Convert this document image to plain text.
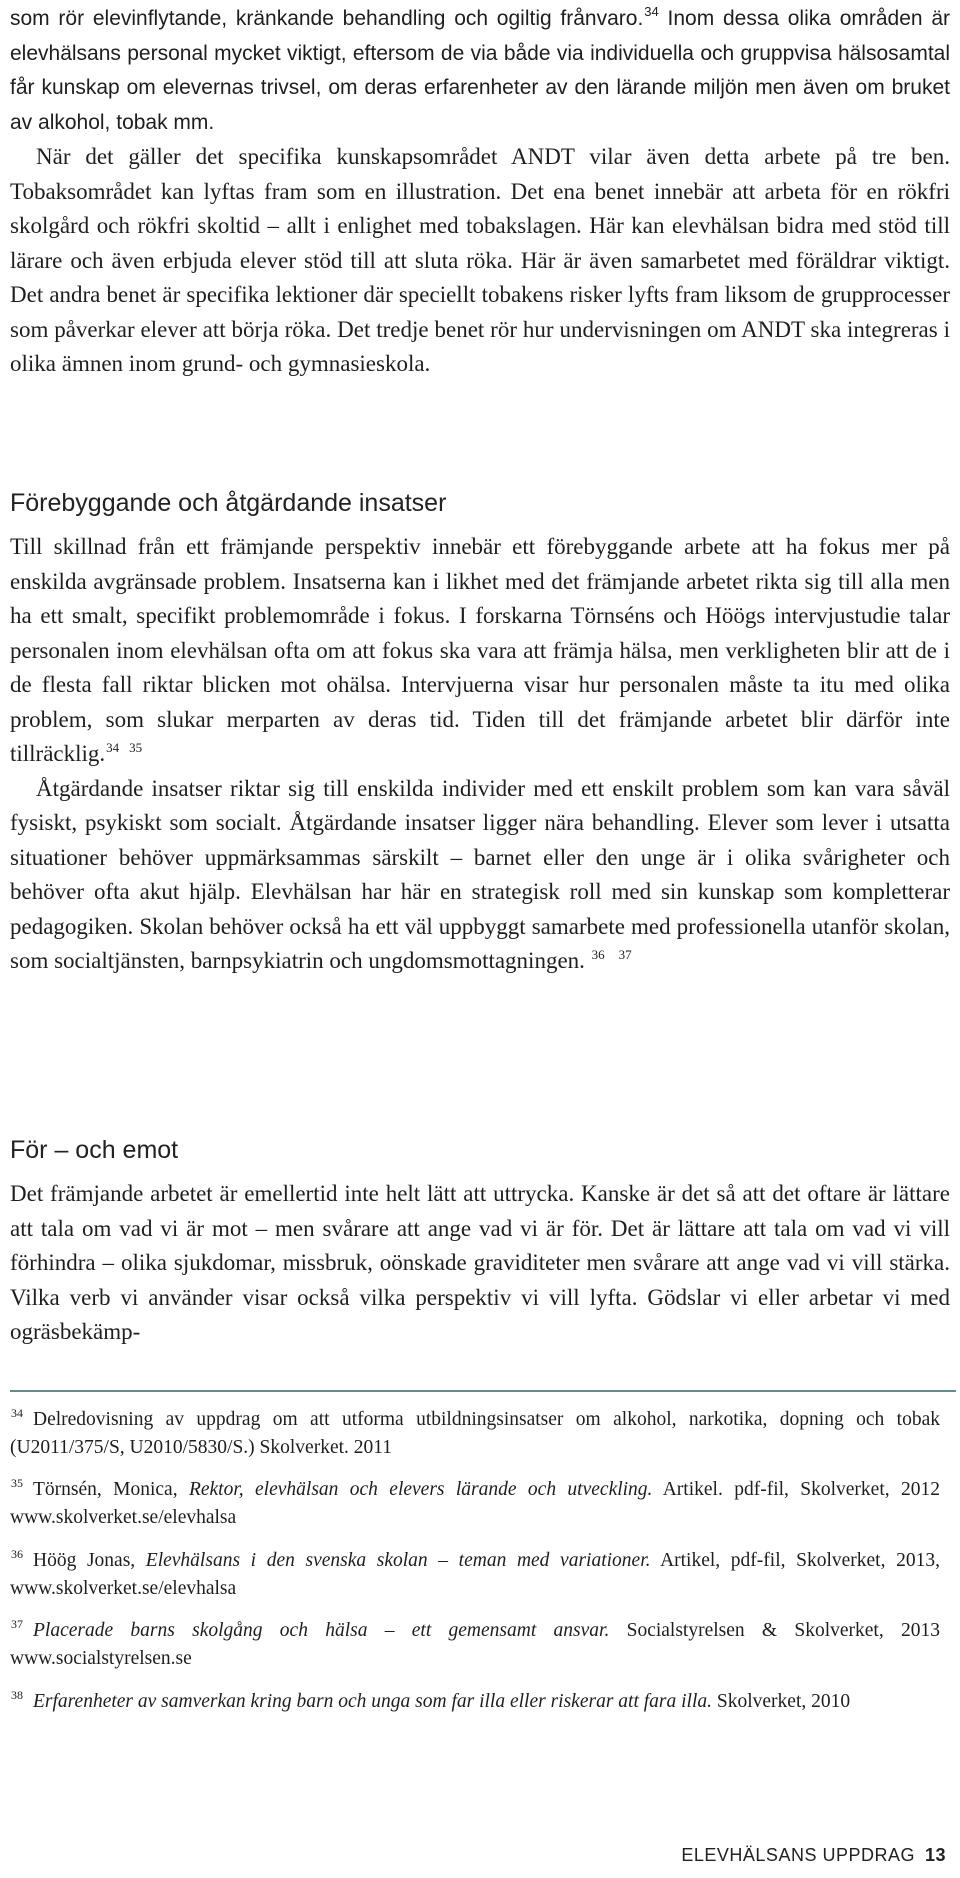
som rör elevinflytande, kränkande behandling och ogiltig frånvaro.$^{34}$ Inom dessa olika områden är elevhälsans personal mycket viktigt, eftersom de via både via individuella och gruppvisa hälsosamtal får kunskap om elevernas trivsel, om deras erfarenheter av den lärande miljön men även om bruket av alkohol, tobak mm.

När det gäller det specifika kunskapsområdet ANDT vilar även detta arbete på tre ben. Tobaksområdet kan lyftas fram som en illustration. Det ena benet innebär att arbeta för en rökfri skolgård och rökfri skoltid – allt i enlighet med tobakslagen. Här kan elevhälsan bidra med stöd till lärare och även erbjuda elever stöd till att sluta röka. Här är även samarbetet med föräldrar viktigt. Det andra benet är specifika lektioner där speciellt tobakens risker lyfts fram liksom de grupprocesser som påverkar elever att börja röka. Det tredje benet rör hur undervisningen om ANDT ska integreras i olika ämnen inom grund- och gymnasieskola.

Förebyggande och åtgärdande insatser

Till skillnad från ett främjande perspektiv innebär ett förebyggande arbete att ha fokus mer på enskilda avgränsade problem. Insatserna kan i likhet med det främjande arbetet rikta sig till alla men ha ett smalt, specifikt problemområde i fokus. I forskarna Törnséns och Höögs intervjustudie talar personalen inom elevhälsan ofta om att fokus ska vara att främja hälsa, men verkligheten blir att de i de flesta fall riktar blicken mot ohälsa. Intervjuerna visar hur personalen måste ta itu med olika problem, som slukar merparten av deras tid. Tiden till det främjande arbetet blir därför inte tillräcklig.$^{34}$ $^{35}$

Åtgärdande insatser riktar sig till enskilda individer med ett enskilt problem som kan vara såväl fysiskt, psykiskt som socialt. Åtgärdande insatser ligger nära behandling. Elever som lever i utsatta situationer behöver uppmärksammas särskilt – barnet eller den unge är i olika svårigheter och behöver ofta akut hjälp. Elevhälsan har här en strategisk roll med sin kunskap som kompletterar pedagogiken. Skolan behöver också ha ett väl uppbyggt samarbete med professionella utanför skolan, som socialtjänsten, barnpsykiatrin och ungdomsmottagningen. $^{36}$ $^{37}$

För – och emot

Det främjande arbetet är emellertid inte helt lätt att uttrycka. Kanske är det så att det oftare är lättare att tala om vad vi är mot – men svårare att ange vad vi är för. Det är lättare att tala om vad vi vill förhindra – olika sjukdomar, missbruk, oönskade graviditeter men svårare att ange vad vi vill stärka. Vilka verb vi använder visar också vilka perspektiv vi vill lyfta. Gödslar vi eller arbetar vi med ogräsbekämp-

$^{34}$ Delredovisning av uppdrag om att utforma utbildningsinsatser om alkohol, narkotika, dopning och tobak (U2011/375/S, U2010/5830/S.) Skolverket. 2011
$^{35}$ Törnsén, Monica, Rektor, elevhälsan och elevers lärande och utveckling. Artikel. pdf-fil, Skolverket, 2012 www.skolverket.se/elevhalsa
$^{36}$ Höög Jonas, Elevhälsans i den svenska skolan – teman med variationer. Artikel, pdf-fil, Skolverket, 2013, www.skolverket.se/elevhalsa
$^{37}$ Placerade barns skolgång och hälsa – ett gemensamt ansvar. Socialstyrelsen & Skolverket, 2013 www.socialstyrelsen.se
$^{38}$ Erfarenheter av samverkan kring barn och unga som far illa eller riskerar att fara illa. Skolverket, 2010
ELEVHÄLSANS UPPDRAG 13
